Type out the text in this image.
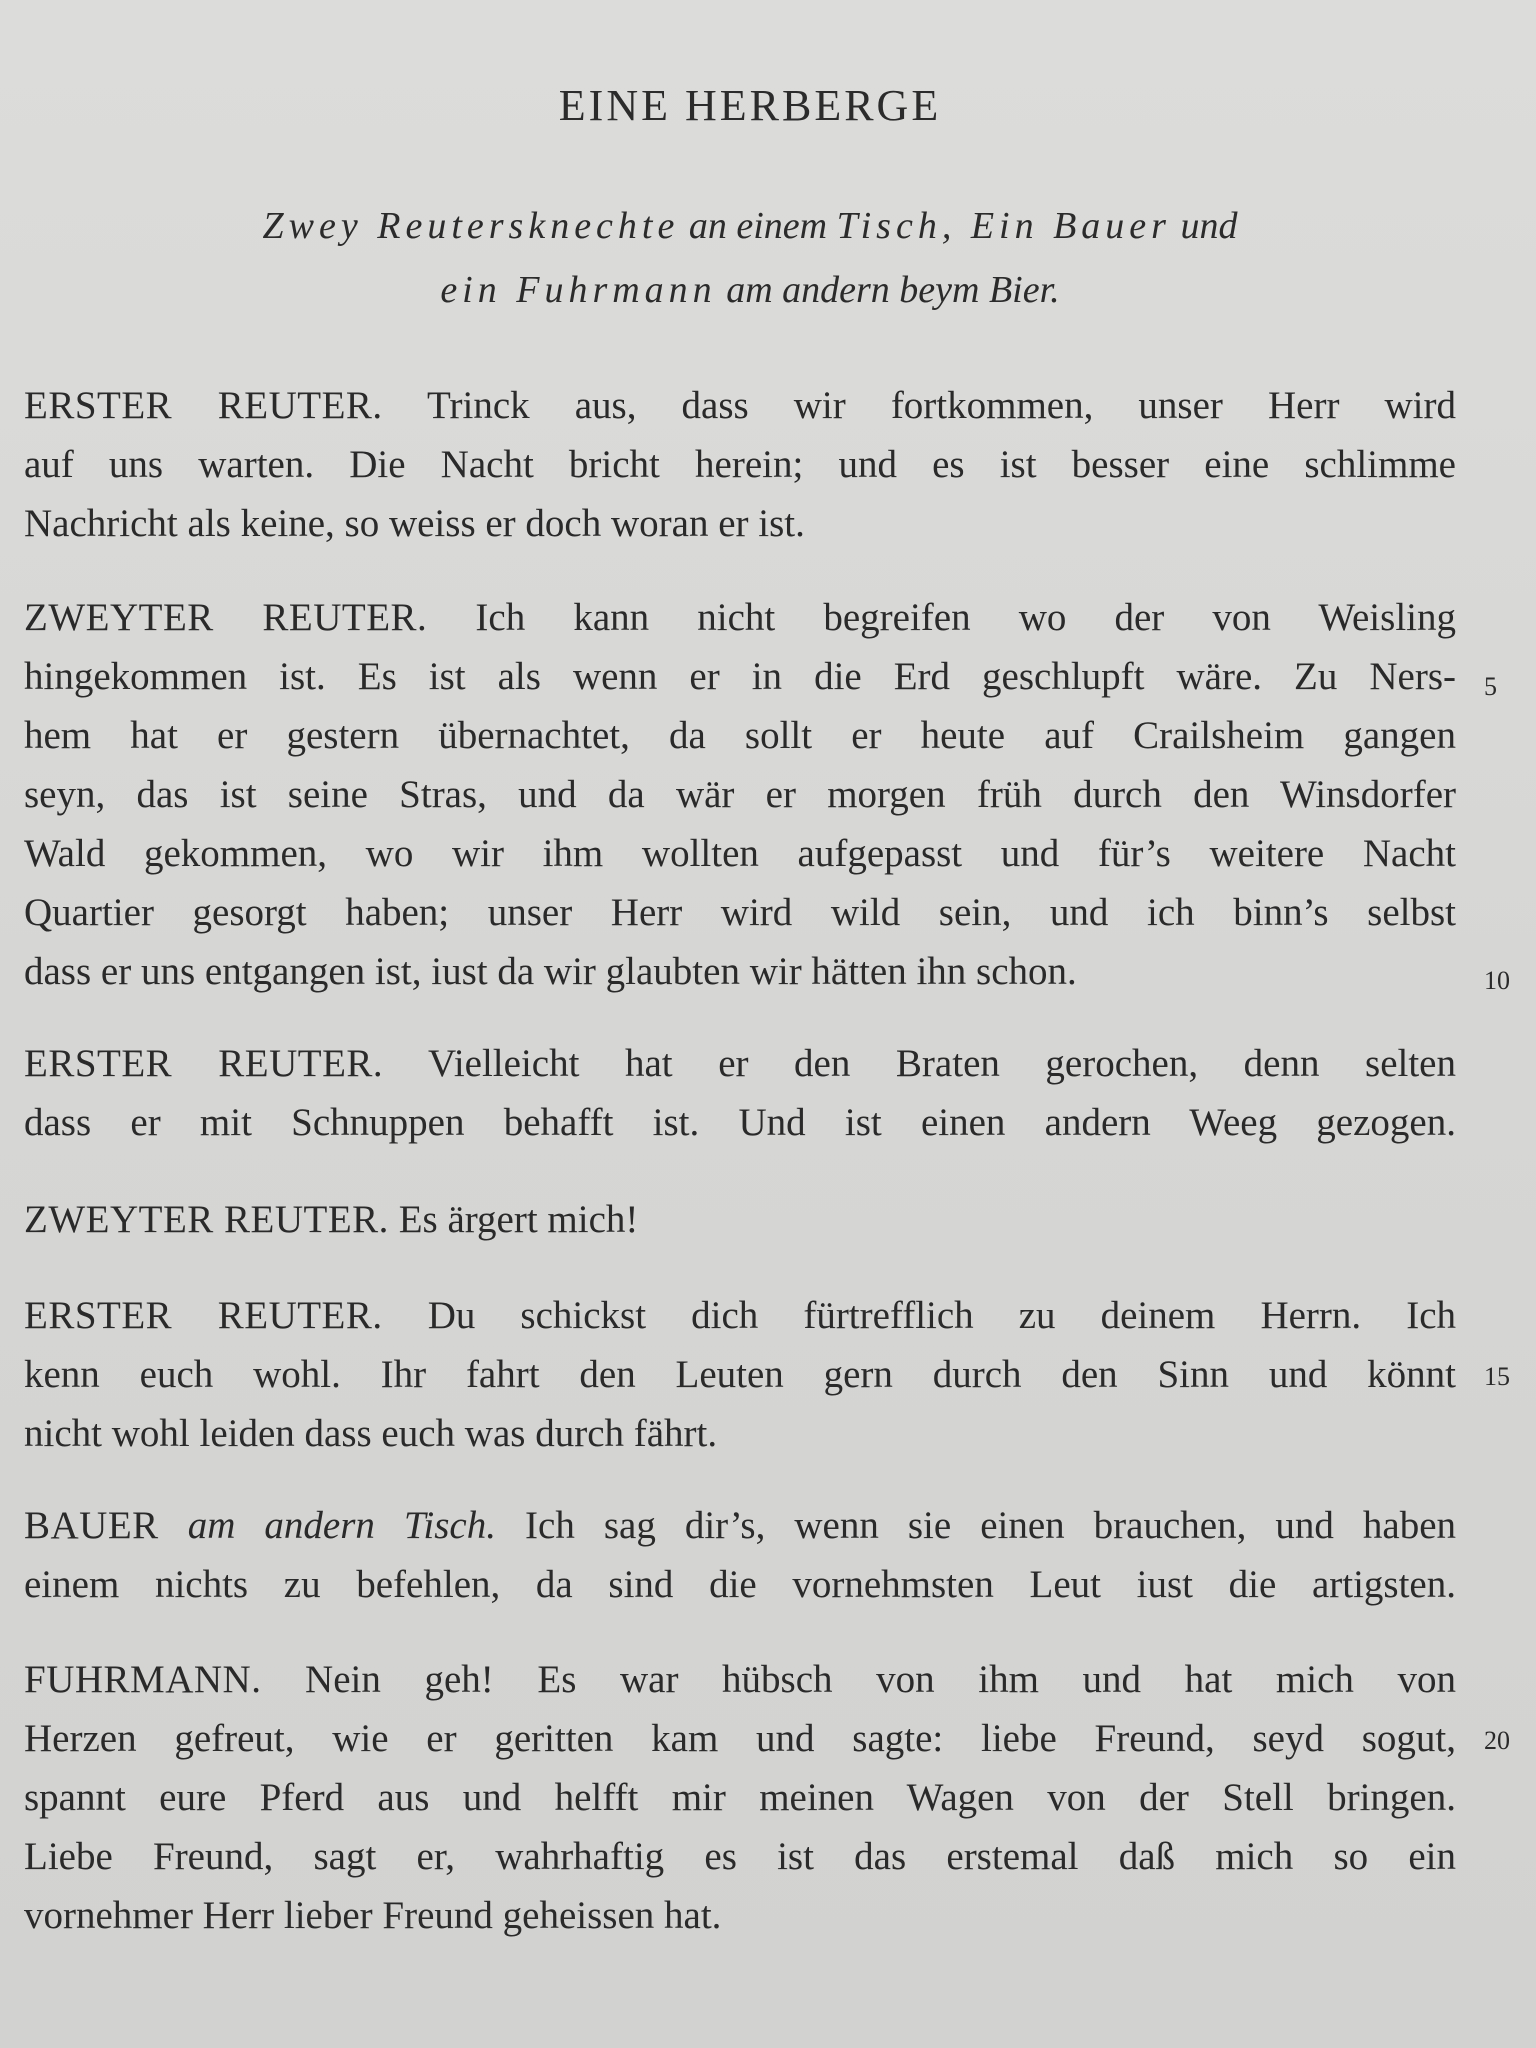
EINE HERBERGE
Zwey Reutersknechte an einem Tisch, Ein Bauer und
ein Fuhrmann am andern beym Bier.
ERSTER REUTER. Trinck aus, dass wir fortkommen, unser Herr wird
auf uns warten. Die Nacht bricht herein; und es ist besser eine schlimme
Nachricht als keine, so weiss er doch woran er ist.
ZWEYTER REUTER. Ich kann nicht begreifen wo der von Weisling
hingekommen ist. Es ist als wenn er in die Erd geschlupft wäre. Zu Ners-
hem hat er gestern übernachtet, da sollt er heute auf Crailsheim gangen
seyn, das ist seine Stras, und da wär er morgen früh durch den Winsdorfer
Wald gekommen, wo wir ihm wollten aufgepasst und für’s weitere Nacht
Quartier gesorgt haben; unser Herr wird wild sein, und ich binn’s selbst
dass er uns entgangen ist, iust da wir glaubten wir hätten ihn schon.
ERSTER REUTER. Vielleicht hat er den Braten gerochen, denn selten
dass er mit Schnuppen behafft ist. Und ist einen andern Weeg gezogen.
ZWEYTER REUTER. Es ärgert mich!
ERSTER REUTER. Du schickst dich fürtrefflich zu deinem Herrn. Ich
kenn euch wohl. Ihr fahrt den Leuten gern durch den Sinn und könnt
nicht wohl leiden dass euch was durch fährt.
BAUER am andern Tisch. Ich sag dir’s, wenn sie einen brauchen, und haben
einem nichts zu befehlen, da sind die vornehmsten Leut iust die artigsten.
FUHRMANN. Nein geh! Es war hübsch von ihm und hat mich von
Herzen gefreut, wie er geritten kam und sagte: liebe Freund, seyd sogut,
spannt eure Pferd aus und helfft mir meinen Wagen von der Stell bringen.
Liebe Freund, sagt er, wahrhaftig es ist das erstemal daß mich so ein
vornehmer Herr lieber Freund geheissen hat.
5
10
15
20
